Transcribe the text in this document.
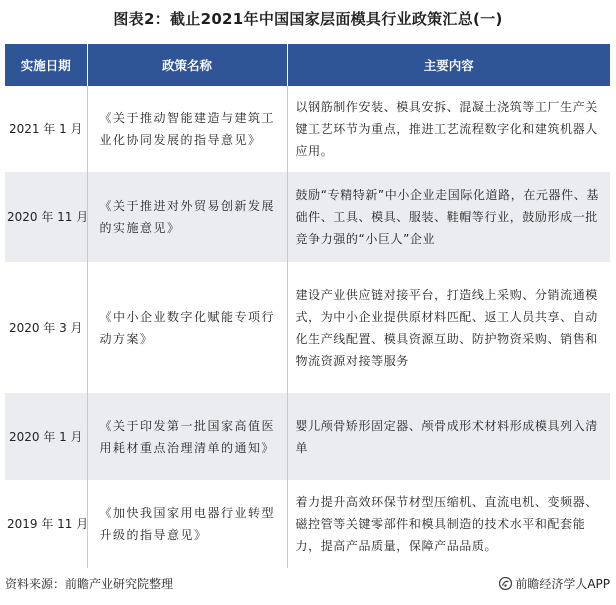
图表2：截止2021年中国国家层面模具行业政策汇总(一)
实施日期	政策名称	主要内容
2021 年 1 月	《关于推动智能建造与建筑工业化协同发展的指导意见》	以钢筋制作安装、模具安拆、混凝土浇筑等工厂生产关键工艺环节为重点，推进工艺流程数字化和建筑机器人应用。
2020 年 11 月	《关于推进对外贸易创新发展的实施意见》	鼓励“专精特新”中小企业走国际化道路，在元器件、基础件、工具、模具、服装、鞋帽等行业，鼓励形成一批竞争力强的“小巨人”企业
2020 年 3 月	《中小企业数字化赋能专项行动方案》	建设产业供应链对接平台，打造线上采购、分销流通模式，为中小企业提供原材料匹配、返工人员共享、自动化生产线配置、模具资源互助、防护物资采购、销售和物流资源对接等服务
2020 年 1 月	《关于印发第一批国家高值医用耗材重点治理清单的通知》	婴儿颅骨矫形固定器、颅骨成形术材料形成模具列入清单
2019 年 11 月	《加快我国家用电器行业转型升级的指导意见》	着力提升高效环保节材型压缩机、直流电机、变频器、磁控管等关键零部件和模具制造的技术水平和配套能力，提高产品质量，保障产品品质。
资料来源：前瞻产业研究院整理	前瞻经济学人APP
